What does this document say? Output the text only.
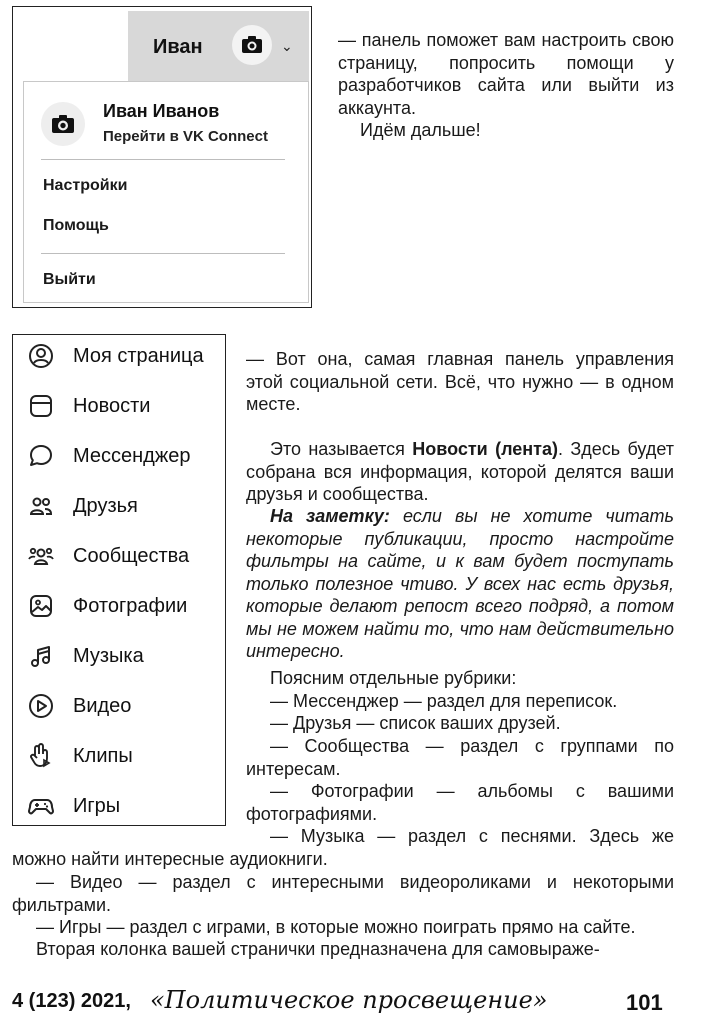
Иван	⌄
Иван Иванов
Перейти в VK Connect
Настройки
Помощь
Выйти
Моя страница
Новости
Мессенджер
Друзья
Сообщества
Фотографии
Музыка
Видео
Клипы
Игры
— панель поможет вам настроить свою страницу, попросить помощи у разработчиков сайта или выйти из аккаунта.
Идём дальше!
— Вот она, самая главная панель управления этой социальной сети. Всё, что нужно — в одном месте.
Это называется Новости (лента). Здесь будет собрана вся информация, которой делятся ваши друзья и сообщества.
На заметку: если вы не хотите читать некоторые публикации, просто настройте фильтры на сайте, и к вам будет поступать только полезное чтиво. У всех нас есть друзья, которые делают репост всего подряд, а потом мы не можем найти то, что нам действительно интересно.
Поясним отдельные рубрики:
— Мессенджер — раздел для переписок.
— Друзья — список ваших друзей.
— Сообщества — раздел с группами по интересам.
— Фотографии — альбомы с вашими фотографиями.
— Музыка — раздел с песнями. Здесь же можно найти интересные аудиокниги.
— Видео — раздел с интересными видеороликами и некоторыми фильтрами.
— Игры — раздел с играми, в которые можно поиграть прямо на сайте.
Вторая колонка вашей странички предназначена для самовыраже-
4 (123) 2021, «Политическое просвещение»	101
